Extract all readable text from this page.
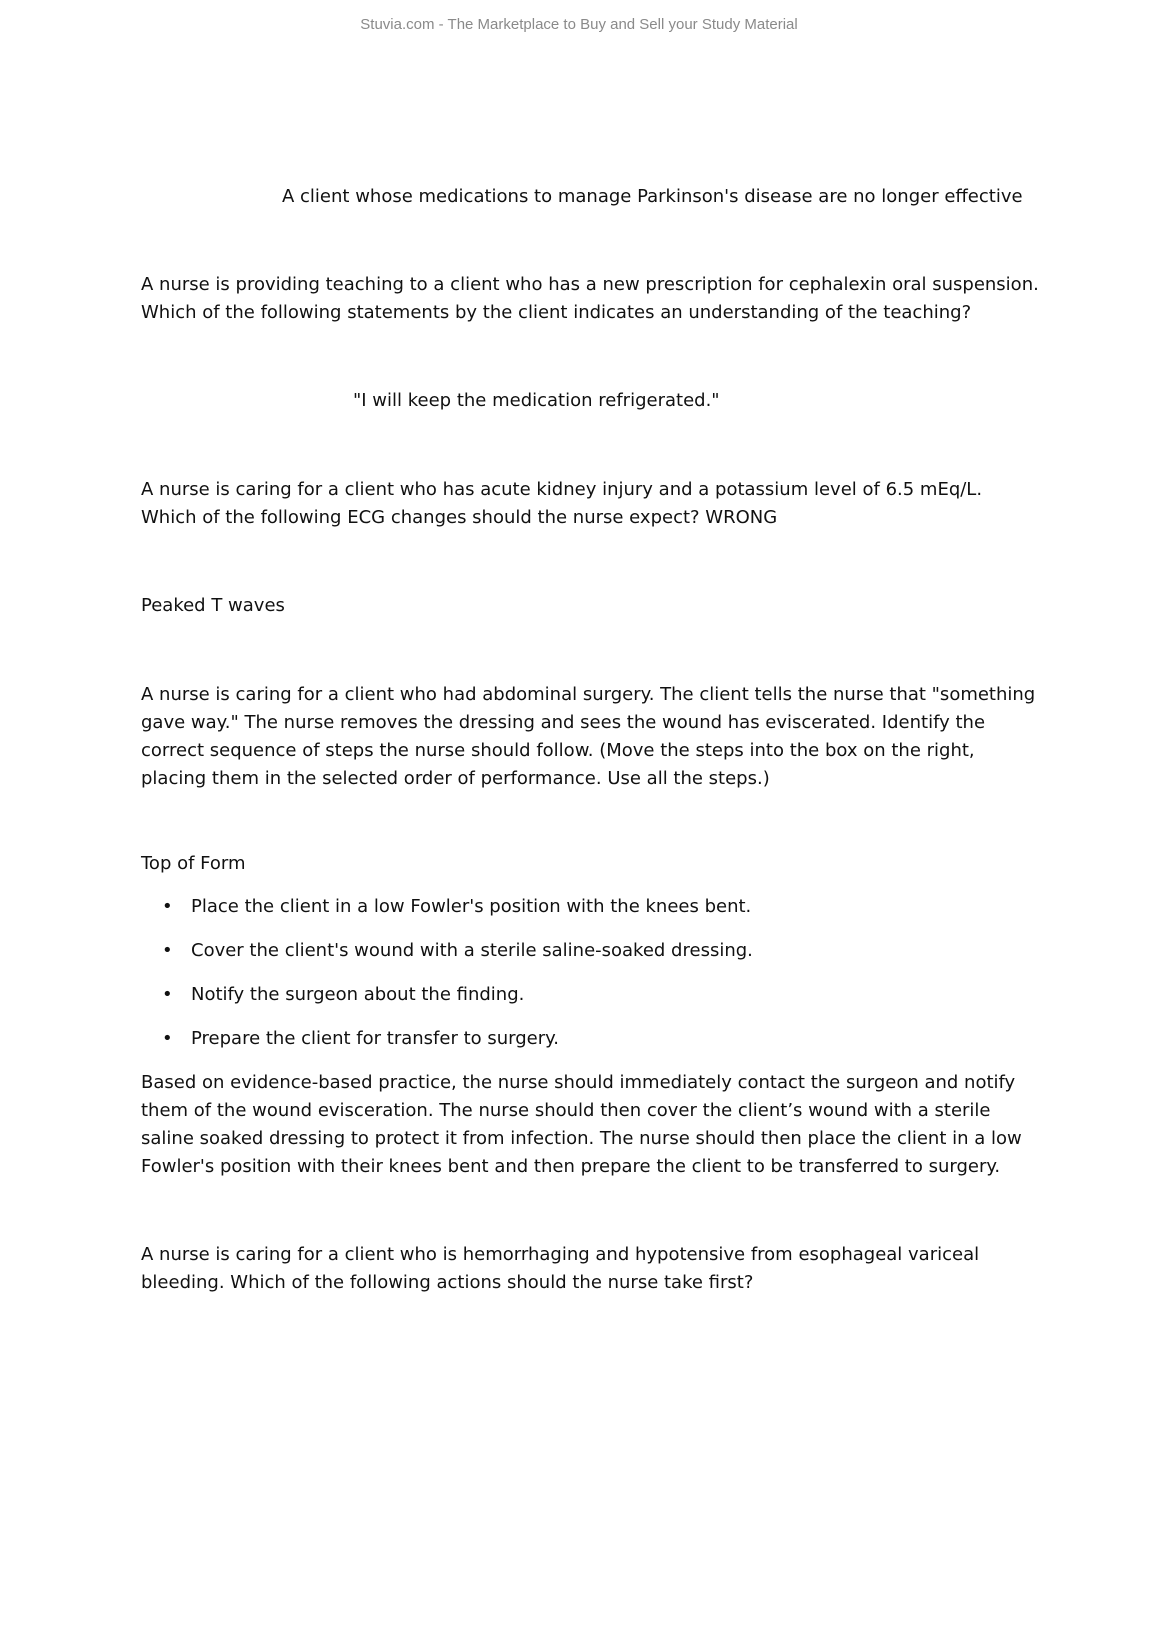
Stuvia.com - The Marketplace to Buy and Sell your Study Material

A client whose medications to manage Parkinson's disease are no longer effective

A nurse is providing teaching to a client who has a new prescription for cephalexin oral suspension. Which of the following statements by the client indicates an understanding of the teaching?

"I will keep the medication refrigerated."

A nurse is caring for a client who has acute kidney injury and a potassium level of 6.5 mEq/L. Which of the following ECG changes should the nurse expect? WRONG

Peaked T waves

A nurse is caring for a client who had abdominal surgery. The client tells the nurse that "something gave way." The nurse removes the dressing and sees the wound has eviscerated. Identify the correct sequence of steps the nurse should follow. (Move the steps into the box on the right, placing them in the selected order of performance. Use all the steps.)

Top of Form

• Place the client in a low Fowler's position with the knees bent.
• Cover the client's wound with a sterile saline-soaked dressing.
• Notify the surgeon about the finding.
• Prepare the client for transfer to surgery.

Based on evidence-based practice, the nurse should immediately contact the surgeon and notify them of the wound evisceration. The nurse should then cover the client’s wound with a sterile saline soaked dressing to protect it from infection. The nurse should then place the client in a low Fowler's position with their knees bent and then prepare the client to be transferred to surgery.

A nurse is caring for a client who is hemorrhaging and hypotensive from esophageal variceal bleeding. Which of the following actions should the nurse take first?
